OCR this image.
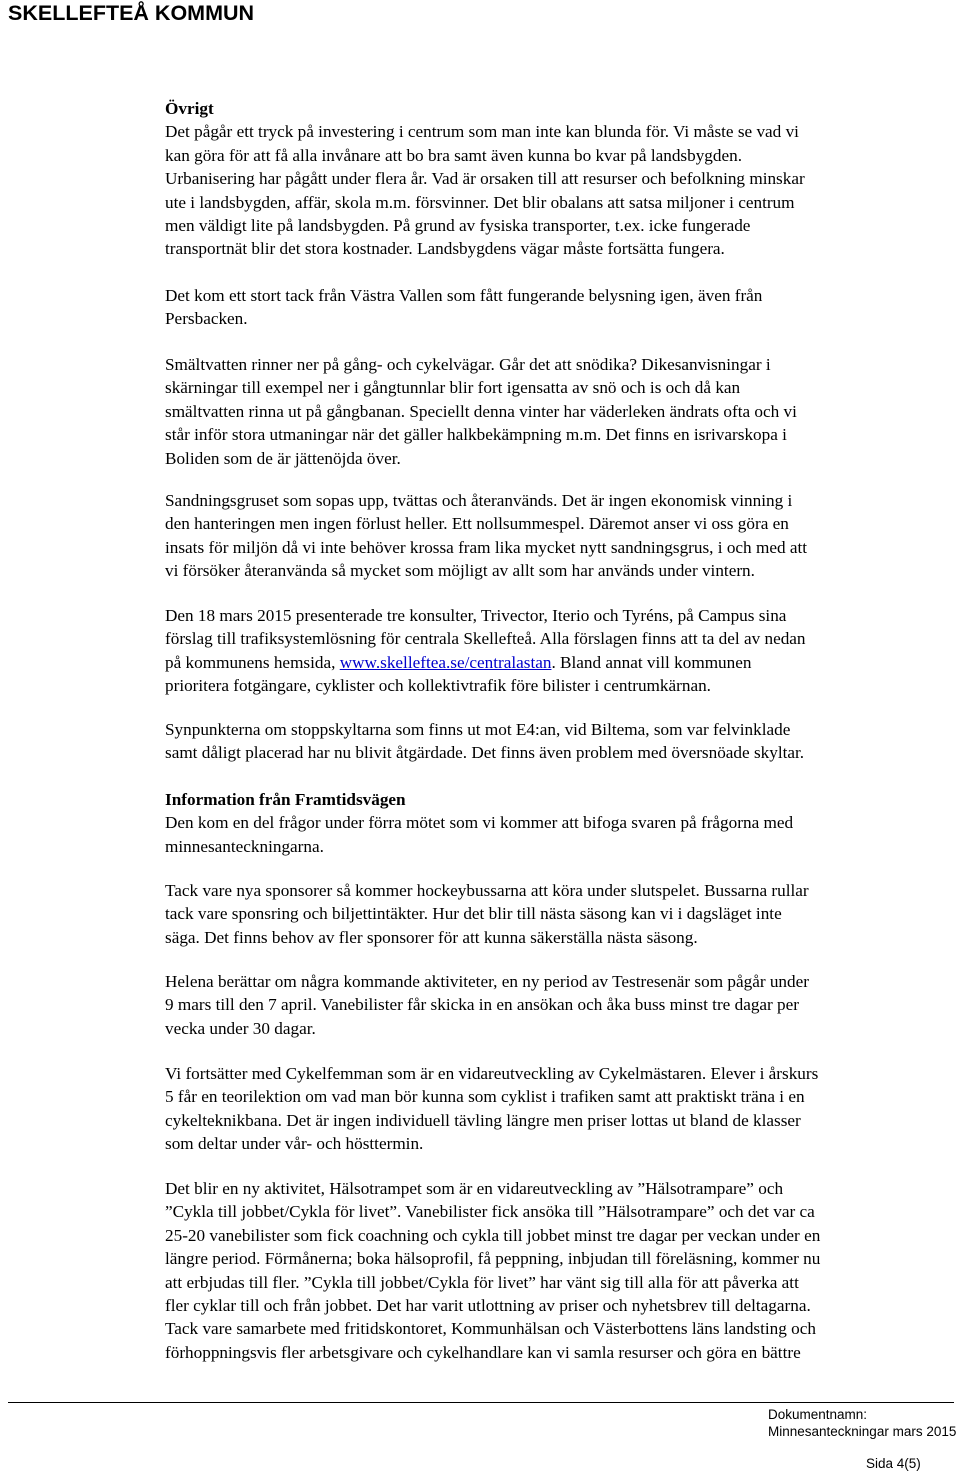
SKELLEFTEÅ KOMMUN
Övrigt

Det pågår ett tryck på investering i centrum som man inte kan blunda för. Vi måste se vad vi
kan göra för att få alla invånare att bo bra samt även kunna bo kvar på landsbygden.
Urbanisering har pågått under flera år. Vad är orsaken till att resurser och befolkning minskar
ute i landsbygden, affär, skola m.m. försvinner. Det blir obalans att satsa miljoner i centrum
men väldigt lite på landsbygden. På grund av fysiska transporter, t.ex. icke fungerade
transportnät blir det stora kostnader. Landsbygdens vägar måste fortsätta fungera.

Det kom ett stort tack från Västra Vallen som fått fungerande belysning igen, även från
Persbacken.

Smältvatten rinner ner på gång- och cykelvägar. Går det att snödika? Dikesanvisningar i
skärningar till exempel ner i gångtunnlar blir fort igensatta av snö och is och då kan
smältvatten rinna ut på gångbanan. Speciellt denna vinter har väderleken ändrats ofta och vi
står inför stora utmaningar när det gäller halkbekämpning m.m. Det finns en isrivarskopa i
Boliden som de är jättenöjda över.

Sandningsgruset som sopas upp, tvättas och återanvänds. Det är ingen ekonomisk vinning i
den hanteringen men ingen förlust heller. Ett nollsummespel. Däremot anser vi oss göra en
insats för miljön då vi inte behöver krossa fram lika mycket nytt sandningsgrus, i och med att
vi försöker återanvända så mycket som möjligt av allt som har används under vintern.

Den 18 mars 2015 presenterade tre konsulter, Trivector, Iterio och Tyréns, på Campus sina
förslag till trafiksystemlösning för centrala Skellefteå. Alla förslagen finns att ta del av nedan
på kommunens hemsida, www.skelleftea.se/centralastan. Bland annat vill kommunen
prioritera fotgängare, cyklister och kollektivtrafik före bilister i centrumkärnan.

Synpunkterna om stoppskyltarna som finns ut mot E4:an, vid Biltema, som var felvinklade
samt dåligt placerad har nu blivit åtgärdade. Det finns även problem med översnöade skyltar.

Information från Framtidsvägen

Den kom en del frågor under förra mötet som vi kommer att bifoga svaren på frågorna med
minnesanteckningarna.

Tack vare nya sponsorer så kommer hockeybussarna att köra under slutspelet. Bussarna rullar
tack vare sponsring och biljettintäkter. Hur det blir till nästa säsong kan vi i dagsläget inte
säga. Det finns behov av fler sponsorer för att kunna säkerställa nästa säsong.

Helena berättar om några kommande aktiviteter, en ny period av Testresenär som pågår under
9 mars till den 7 april. Vanebilister får skicka in en ansökan och åka buss minst tre dagar per
vecka under 30 dagar.

Vi fortsätter med Cykelfemman som är en vidareutveckling av Cykelmästaren. Elever i årskurs
5 får en teorilektion om vad man bör kunna som cyklist i trafiken samt att praktiskt träna i en
cykelteknikbana. Det är ingen individuell tävling längre men priser lottas ut bland de klasser
som deltar under vår- och hösttermin.

Det blir en ny aktivitet, Hälsotrampet som är en vidareutveckling av ”Hälsotrampare” och
”Cykla till jobbet/Cykla för livet”. Vanebilister fick ansöka till ”Hälsotrampare” och det var ca
25-20 vanebilister som fick coachning och cykla till jobbet minst tre dagar per veckan under en
längre period. Förmånerna; boka hälsoprofil, få peppning, inbjudan till föreläsning, kommer nu
att erbjudas till fler. ”Cykla till jobbet/Cykla för livet” har vänt sig till alla för att påverka att
fler cyklar till och från jobbet. Det har varit utlottning av priser och nyhetsbrev till deltagarna.
Tack vare samarbete med fritidskontoret, Kommunhälsan och Västerbottens läns landsting och
förhoppningsvis fler arbetsgivare och cykelhandlare kan vi samla resurser och göra en bättre

Dokumentnamn:
Minnesanteckningar mars 2015
Sida 4(5)
